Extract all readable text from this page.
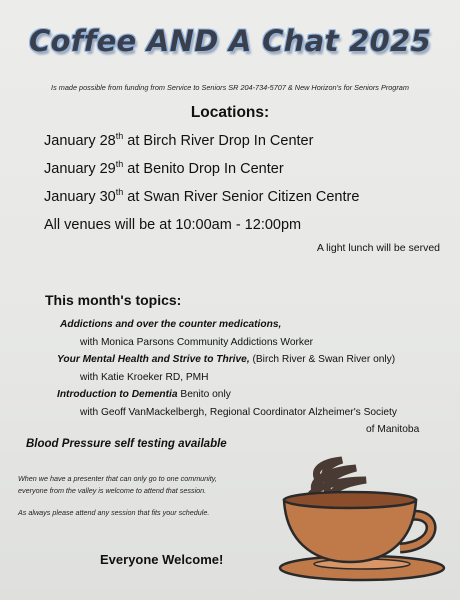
Coffee AND A Chat 2025
Is made possible from funding from Service to Seniors SR 204-734-5707 & New Horizon's for Seniors Program
Locations:
January 28th at Birch River Drop In Center
January 29th at Benito Drop In Center
January 30th at Swan River Senior Citizen Centre
All venues will be at 10:00am - 12:00pm
A light lunch will be served
This month's topics:
Addictions and over the counter medications,
with Monica Parsons Community Addictions Worker
Your Mental Health and Strive to Thrive, (Birch River & Swan River only)
with Katie Kroeker RD, PMH
Introduction to Dementia Benito only
with Geoff VanMackelbergh, Regional Coordinator Alzheimer's Society
of Manitoba
Blood Pressure self testing available
When we have a presenter that can only go to one community,
everyone from the valley is welcome to attend that session.
As always please attend any session that fits your schedule.
Everyone Welcome!
